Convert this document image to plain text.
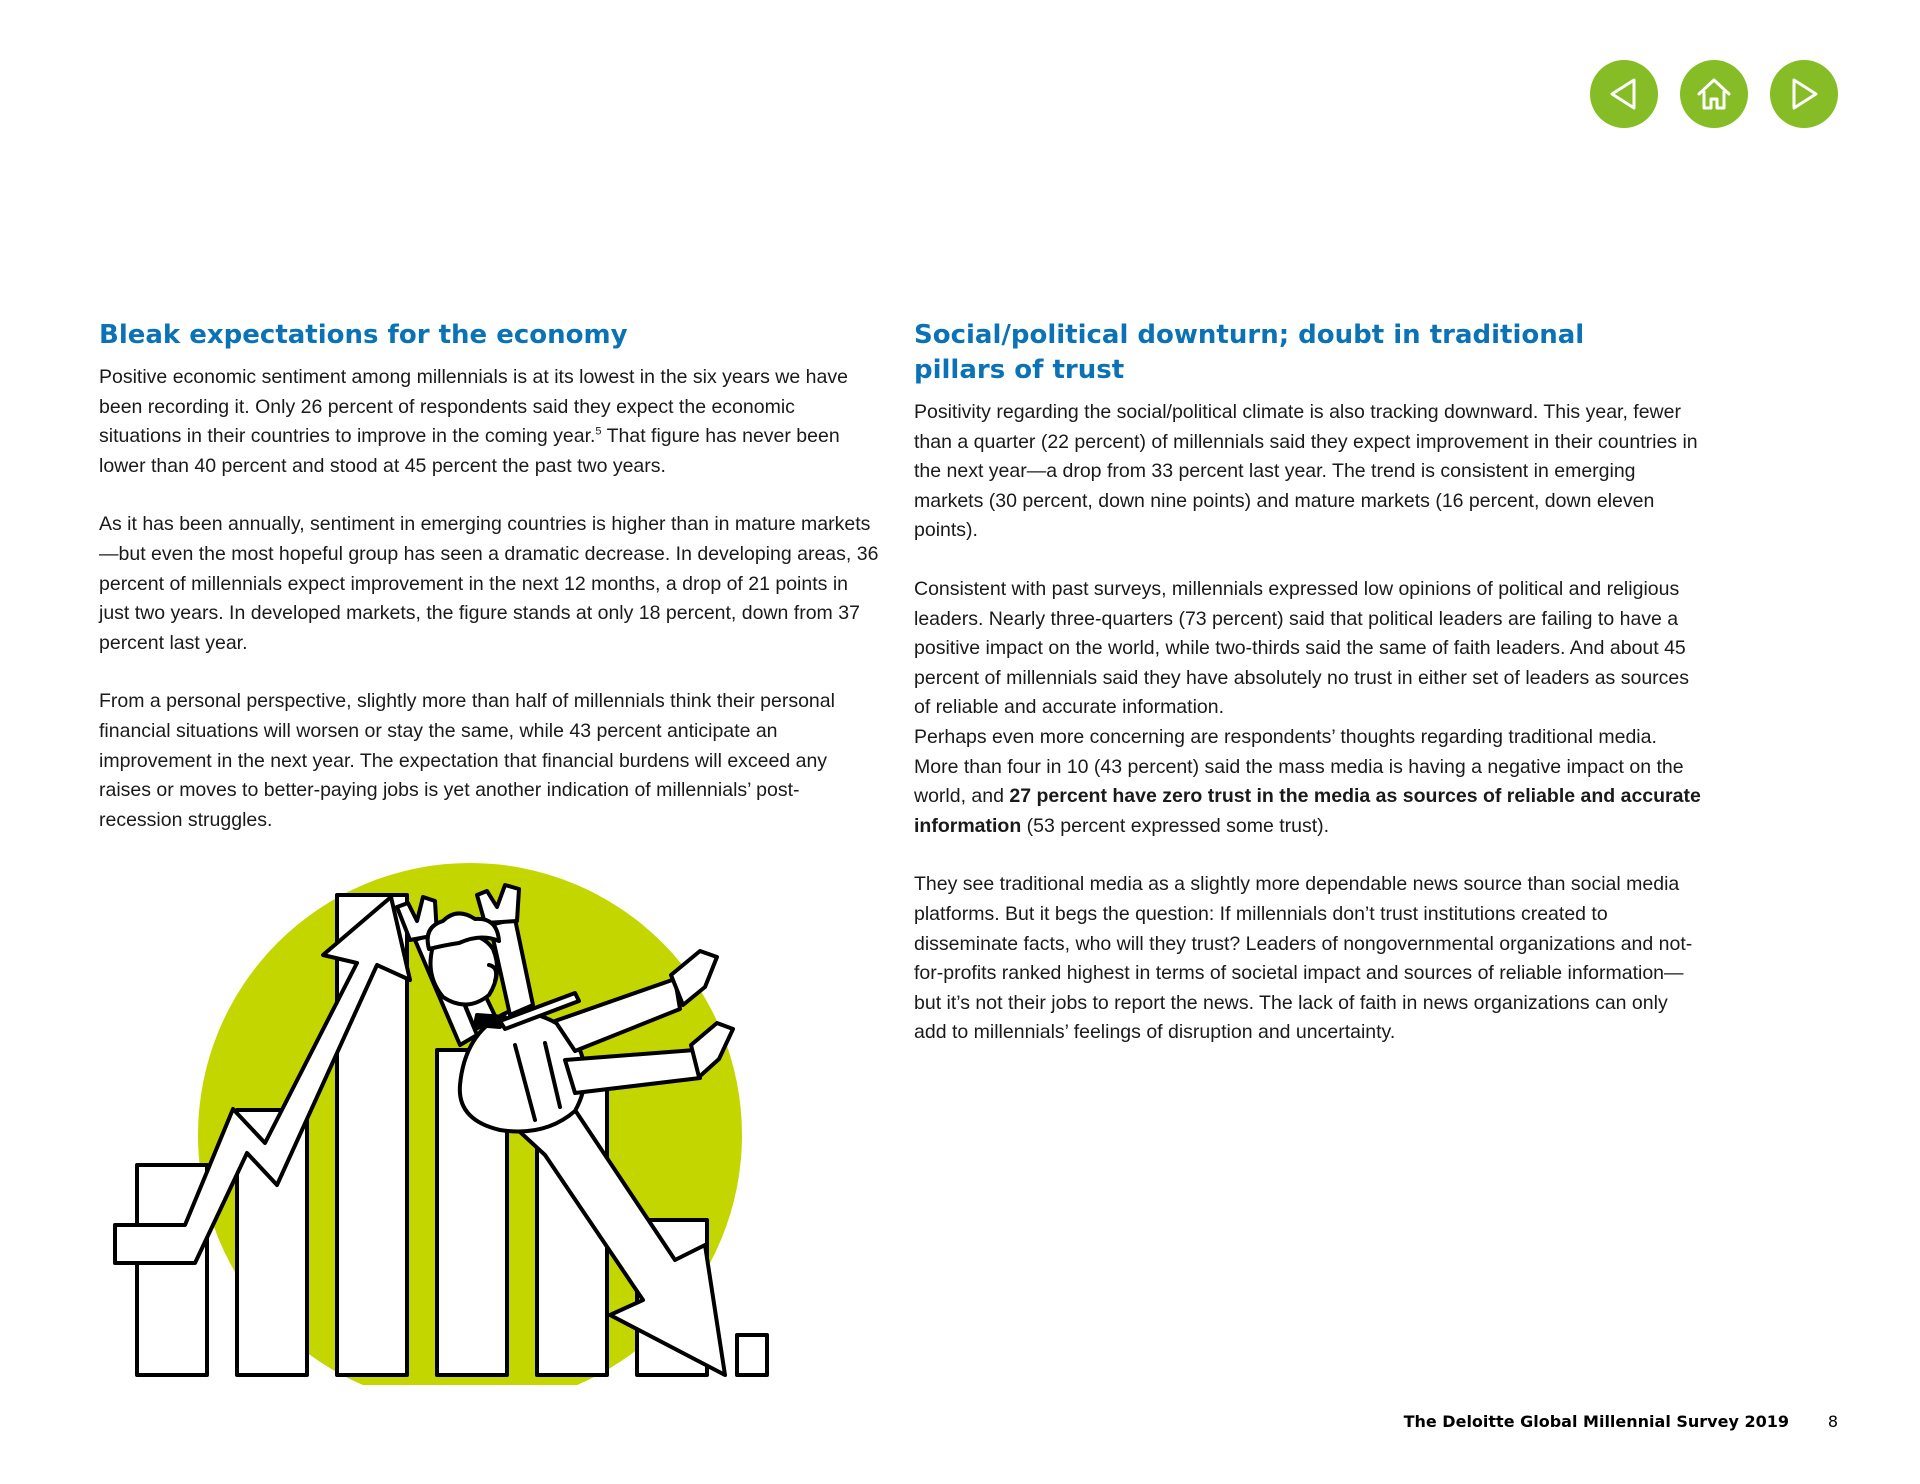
Bleak expectations for the economy

Positive economic sentiment among millennials is at its lowest in the six years we have been recording it. Only 26 percent of respondents said they expect the economic situations in their countries to improve in the coming year.$^5$ That figure has never been lower than 40 percent and stood at 45 percent the past two years.

As it has been annually, sentiment in emerging countries is higher than in mature markets—but even the most hopeful group has seen a dramatic decrease. In developing areas, 36 percent of millennials expect improvement in the next 12 months, a drop of 21 points in just two years. In developed markets, the figure stands at only 18 percent, down from 37 percent last year.

From a personal perspective, slightly more than half of millennials think their personal financial situations will worsen or stay the same, while 43 percent anticipate an improvement in the next year. The expectation that financial burdens will exceed any raises or moves to better-paying jobs is yet another indication of millennials’ post-recession struggles.

Social/political downturn; doubt in traditional pillars of trust

Positivity regarding the social/political climate is also tracking downward. This year, fewer than a quarter (22 percent) of millennials said they expect improvement in their countries in the next year—a drop from 33 percent last year. The trend is consistent in emerging markets (30 percent, down nine points) and mature markets (16 percent, down eleven points).

Consistent with past surveys, millennials expressed low opinions of political and religious leaders. Nearly three-quarters (73 percent) said that political leaders are failing to have a positive impact on the world, while two-thirds said the same of faith leaders. And about 45 percent of millennials said they have absolutely no trust in either set of leaders as sources of reliable and accurate information.

Perhaps even more concerning are respondents’ thoughts regarding traditional media. More than four in 10 (43 percent) said the mass media is having a negative impact on the world, and 27 percent have zero trust in the media as sources of reliable and accurate information (53 percent expressed some trust).

They see traditional media as a slightly more dependable news source than social media platforms. But it begs the question: If millennials don’t trust institutions created to disseminate facts, who will they trust? Leaders of nongovernmental organizations and not-for-profits ranked highest in terms of societal impact and sources of reliable information—but it’s not their jobs to report the news. The lack of faith in news organizations can only add to millennials’ feelings of disruption and uncertainty.

The Deloitte Global Millennial Survey 2019 8
